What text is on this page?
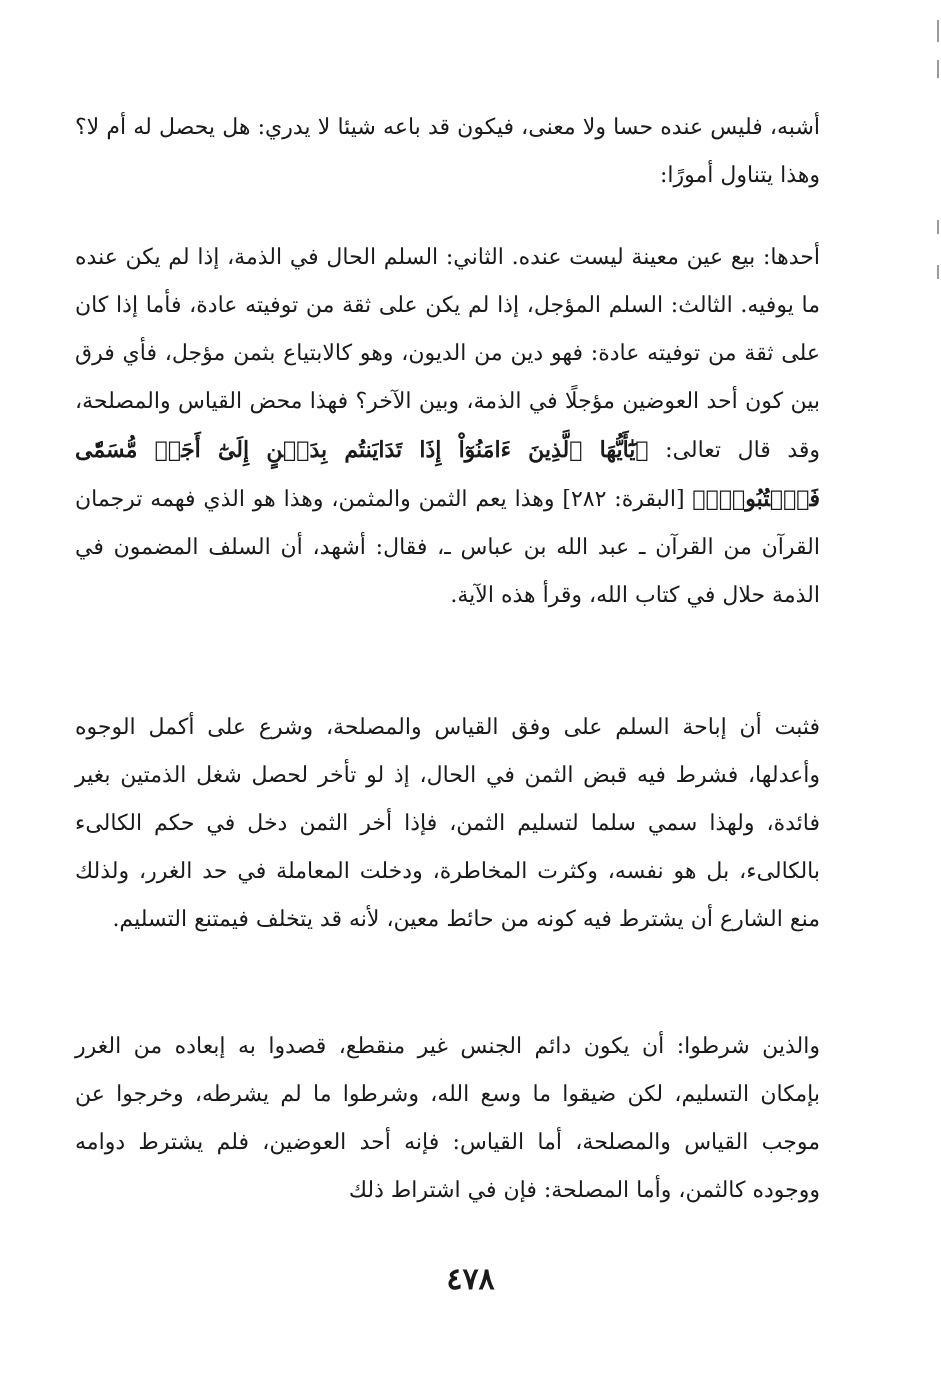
أشبه، فليس عنده حسا ولا معنى، فيكون قد باعه شيئا لا يدري: هل يحصل له أم لا؟ وهذا يتناول أمورًا:

أحدها: بيع عين معينة ليست عنده. الثاني: السلم الحال في الذمة، إذا لم يكن عنده ما يوفيه. الثالث: السلم المؤجل، إذا لم يكن على ثقة من توفيته عادة، فأما إذا كان على ثقة من توفيته عادة: فهو دين من الديون، وهو كالابتياع بثمن مؤجل، فأي فرق بين كون أحد العوضين مؤجلًا في الذمة، وبين الآخر؟ فهذا محض القياس والمصلحة، وقد قال تعالى: ﴿يَٰٓأَيُّهَا ٱلَّذِينَ ءَامَنُوٓاْ إِذَا تَدَايَنتُم بِدَيۡنٍ إِلَىٰٓ أَجَلٖ مُّسَمّٗى فَٱكۡتُبُوهُۚ﴾ [البقرة: ٢٨٢] وهذا يعم الثمن والمثمن، وهذا هو الذي فهمه ترجمان القرآن من القرآن ـ عبد الله بن عباس ـ، فقال: أشهد، أن السلف المضمون في الذمة حلال في كتاب الله، وقرأ هذه الآية.

فثبت أن إباحة السلم على وفق القياس والمصلحة، وشرع على أكمل الوجوه وأعدلها، فشرط فيه قبض الثمن في الحال، إذ لو تأخر لحصل شغل الذمتين بغير فائدة، ولهذا سمي سلما لتسليم الثمن، فإذا أخر الثمن دخل في حكم الكالىء بالكالىء، بل هو نفسه، وكثرت المخاطرة، ودخلت المعاملة في حد الغرر، ولذلك منع الشارع أن يشترط فيه كونه من حائط معين، لأنه قد يتخلف فيمتنع التسليم.

والذين شرطوا: أن يكون دائم الجنس غير منقطع، قصدوا به إبعاده من الغرر بإمكان التسليم، لكن ضيقوا ما وسع الله، وشرطوا ما لم يشرطه، وخرجوا عن موجب القياس والمصلحة، أما القياس: فإنه أحد العوضين، فلم يشترط دوامه ووجوده كالثمن، وأما المصلحة: فإن في اشتراط ذلك

٤٧٨
